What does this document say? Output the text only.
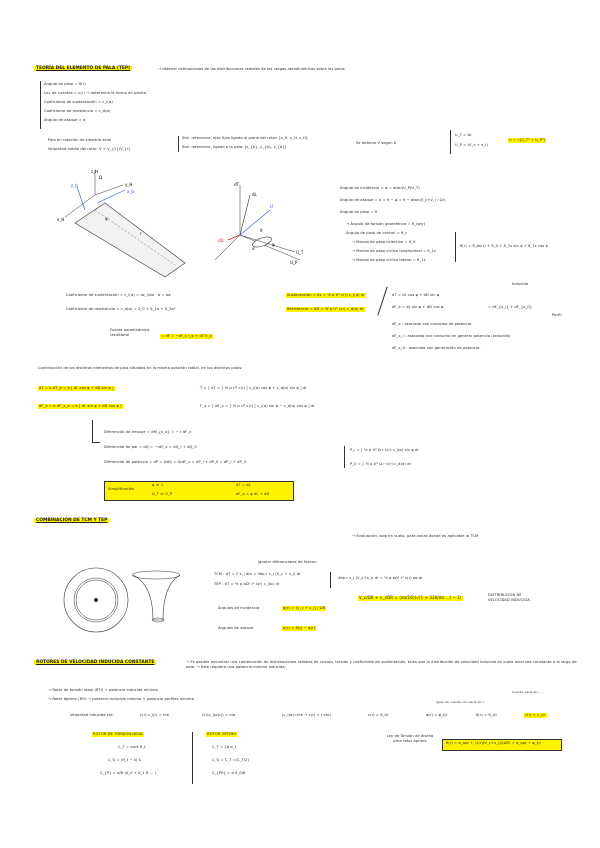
TEORÍA DEL ELEMENTO DE PALA (TEP)	→ obtener estimaciones de las distribuciones radiales de las cargas aerodinámicas sobre las palas
Ángulo de paso = θ(r)
Ley de cuerdas = c(r) → determina la forma en planta.
Coeficiente de sustentación = c_l(α)
Coeficiente de resistencia = c_d(α)
Ángulo de ataque = α
Pala en rotación de simetría axial
Velocidad media del rotor: V = V_{2}/V_{i}
Sist. referencia, ejes fijos ligado al plano del rotor: [x_H, y_H, z_H]
Sist. referencia, ligado a la pala: [x_{b}, y_{b}, z_{b}]
Se obtiene V según x̂
U_T = Ωr
U_P = (V_c + v_i)
U = √(U_T² + U_P²)
z_H
x_H
y_H
x_b
z_b
ψ
Ω
r
dT
dL
dD
U_P
U
U_T
θ
φ
α
Ángulo de incidencia = φ = atan(U_P/U_T)
Ángulo de ataque = α = θ − φ = θ − atan(V_c+v_i / Ωr)
Ángulo de paso = θ
→ Ángulo de torsión geométrica = θ_tw(r)
Ángulo de paso de control = θ_c
→ Mando de paso colectivo = θ_0
→ Mando de paso cíclico longitudinal = θ_1s
→ Mando de paso cíclico lateral = θ_1c
θ(r) = θ_tw(r) + θ_0 + θ_1s sin ψ + θ_1c cos ψ
Coeficiente de sustentación = c_l(α) = dc_l/dα · α = aα
Coeficiente de resistencia = c_d(α) = δ_0 + δ_1α + δ_2α²
Sustentación = dL = ½ ρ U² c(r) c_l(α) dr
Resistencia = dD = ½ ρ U² c(r) c_d(α) dr
dT = dL cos φ + dD sin φ
dF_x = dL sin φ + dD cos φ	= dF_{x_i} + dF_{x_0}
Inducida
Perfil
Fuerza aerodinámica resultante	= dF = −dF_x î_b + dT k̂_b
dF_x : asociada con consumo de potencia.
dF_x_i : asociada con consumo en generar potencia (Inducida)
dF_x_0 : asociada con generación de potencia.
Contribución de los distintos elementos de pala situados en la misma posición radial, en los distintos palas:
dT = b dT_b = b [ dL cos φ + dD sin φ ]
dF_x = b dF_x_b = b [ dL sin φ + dD cos φ ]
T = ∫ dT = ∫ ½ ρ U² c(r) [ c_l(α) cos φ + c_d(α) sin φ ] dr
F_x = ∫ dF_x = ∫ ½ ρ U² c(r) [ c_l(α) sin φ − c_d(α) cos φ ] dr
Diferencial de empuje = dM_{x_b} = − r dF_z
Diferencial de par = dQ = −rdF_x = dQ_i + dQ_0
Diferencial de potencia = dP = ΩdQ = ΩrdF_x = dP_i + dP_0 = dP_i + dP_0
P_i = ∫ ½ ρ U² Ω r c(r) c_l(α) sin φ dr
P_0 = ∫ ½ ρ U² Ω r c(r) c_d(α) dr
Simplificación
φ ≪ 1
U_T ≫ U_P
dT = dL
dF_x = φ dL + dD
COMBINACIÓN DE TCM Y TEP
→ Evaluación, solo en vuelo, para zonas donde es aplicable la TCM
Igualar diferenciales de fuerza:
TCM : dT = 2 v_i dm = 4πρ r v_i (V_c + v_i) dr
TEP : dT = ½ ρ bΩ² r² c(r) c_l(α) dr
4πρ r v_i (V_c+v_i) dr = ½ ρ bΩ² r² c(r) aα dr
V_c/ΩR + v_i/ΩR = (σa/16)(√(1 + 32θ/σa ...) − 1)	DISTRIBUCIÓN DE VELOCIDAD INDUCIDA
Ángulos de incidencia	φ(r) = (V_c + v_i) / ΩR
Ángulos de ataque	α(r) = θ(r) − φ(r)
ROTORES DE VELOCIDAD INDUCIDA CONSTANTE	→ Es posible encontrar una combinación de distribuciones radiales de cuerda, torsión y coeficiente de sustentación, tales que la distribución de velocidad inducida en vuelo axial sea constante a lo largo de pala. → Este requiere una potencia mínima inducida.
→ Rotor de torsión ideal (RTI) → potencia inducida mínima
→ Rotor óptimo (RO) → potencia inducida mínima + potencia perfiles mínima
Velocidad inducida cte.	c(r) c_l(r) = cte	c(r)c_l(α(r)) = cte	(c_l(α)=cte → c(r) = r·cte)
Igual de cuerda con varía en r
Cuerda varía en r ...
c(r) = θ_t/r	φ(r) = φ_t/r	θ(r) = θ_t/r	c(r) = c_t/r
ROTOR DE TORSIÓN IDEAL
C_T = σa/4 θ_t
C_Q = (θ_t − λ) λ
C_{P} = σ/8 (δ_0 + δ_1 θ ... )
ROTOR ÓPTIMO
C_T = 2σ α_t
C_Q = C_T √(C_T/2)
C_{P0} = σ δ_0/8
Ley de Torsión de diseño para rotor óptimo
θ(r) = α_opt + (1/r)(V_c+v_i)/(ΩR) = α_opt + φ_t/r
